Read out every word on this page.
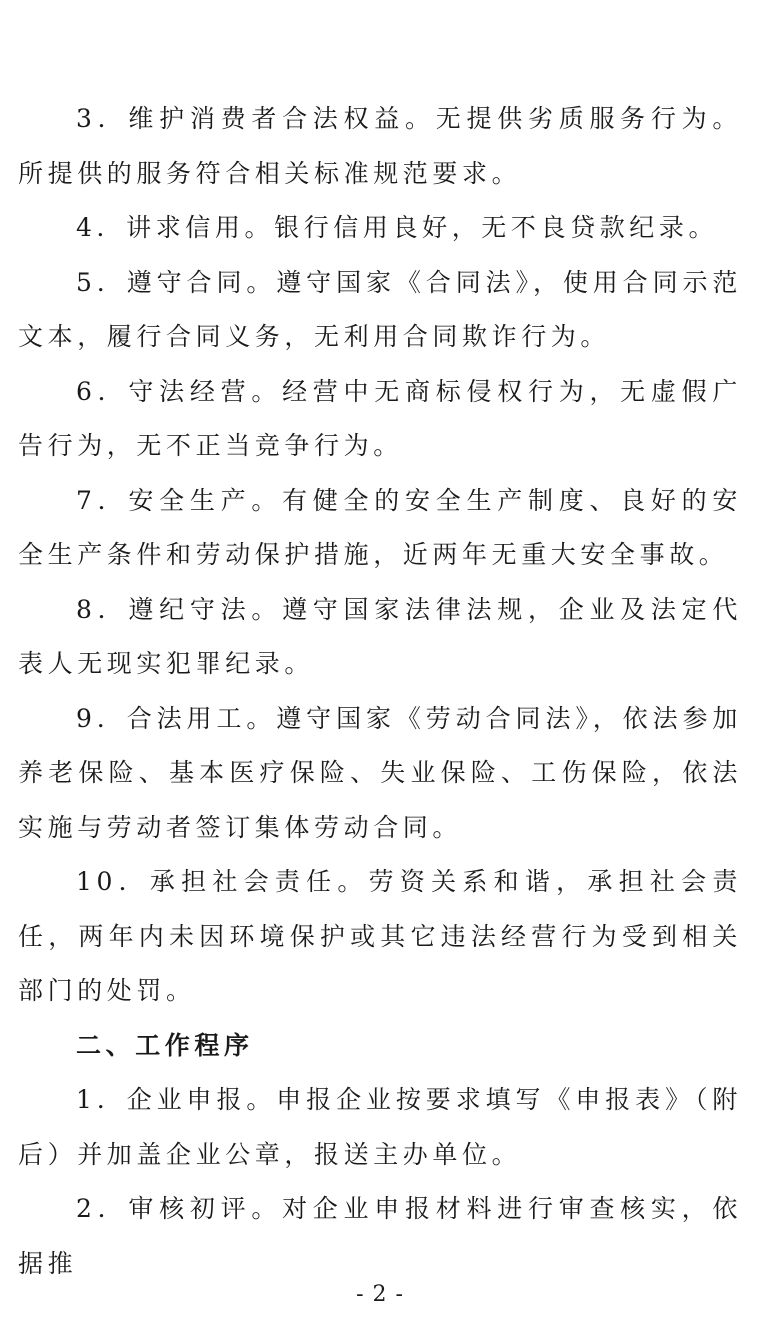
3．维护消费者合法权益。无提供劣质服务行为。所提供的服务符合相关标准规范要求。

4．讲求信用。银行信用良好，无不良贷款纪录。

5．遵守合同。遵守国家《合同法》，使用合同示范文本，履行合同义务，无利用合同欺诈行为。

6．守法经营。经营中无商标侵权行为，无虚假广告行为，无不正当竞争行为。

7．安全生产。有健全的安全生产制度、良好的安全生产条件和劳动保护措施，近两年无重大安全事故。

8．遵纪守法。遵守国家法律法规，企业及法定代表人无现实犯罪纪录。

9．合法用工。遵守国家《劳动合同法》，依法参加养老保险、基本医疗保险、失业保险、工伤保险，依法实施与劳动者签订集体劳动合同。

10．承担社会责任。劳资关系和谐，承担社会责任，两年内未因环境保护或其它违法经营行为受到相关部门的处罚。

二、工作程序

1．企业申报。申报企业按要求填写《申报表》（附后）并加盖企业公章，报送主办单位。

2．审核初评。对企业申报材料进行审查核实，依据推

- 2 -
